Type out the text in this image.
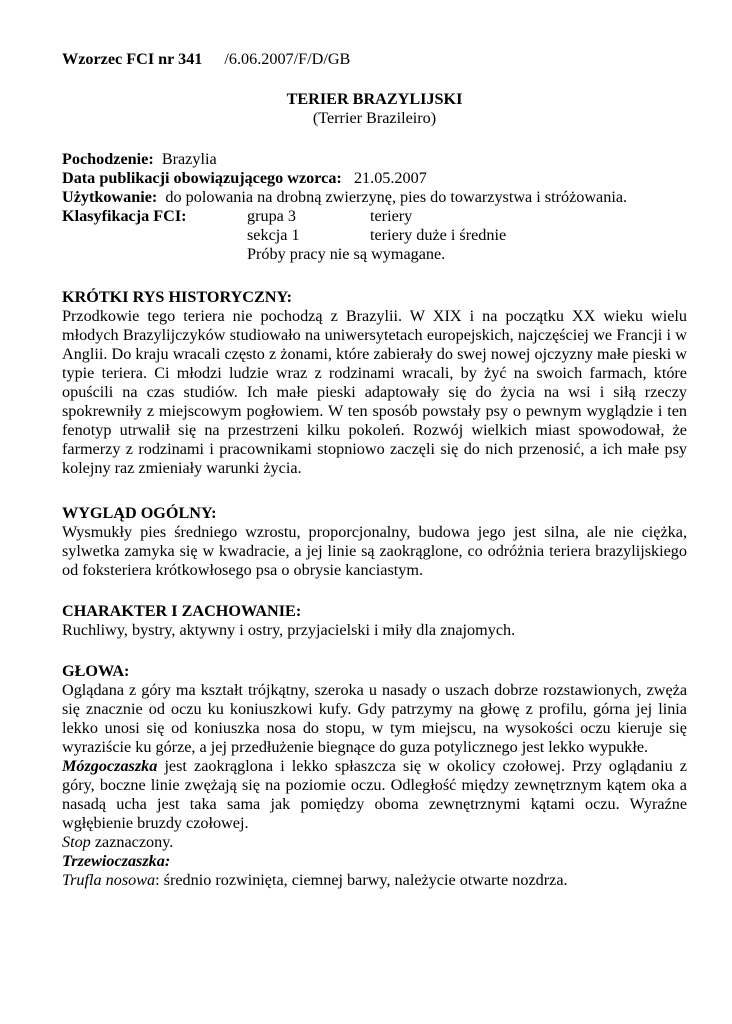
Wzorzec FCI nr 341 /6.06.2007/F/D/GB
TERIER BRAZYLIJSKI
(Terrier Brazileiro)
Pochodzenie: Brazylia
Data publikacji obowiązującego wzorca: 21.05.2007
Użytkowanie: do polowania na drobną zwierzynę, pies do towarzystwa i stróżowania.
Klasyfikacja FCI:	grupa 3	teriery
sekcja 1	teriery duże i średnie
Próby pracy nie są wymagane.
KRÓTKI RYS HISTORYCZNY:

Przodkowie tego teriera nie pochodzą z Brazylii. W XIX i na początku XX wieku wielu młodych Brazylijczyków studiowało na uniwersytetach europejskich, najczęściej we Francji i w Anglii. Do kraju wracali często z żonami, które zabierały do swej nowej ojczyzny małe pieski w typie teriera. Ci młodzi ludzie wraz z rodzinami wracali, by żyć na swoich farmach, które opuścili na czas studiów. Ich małe pieski adaptowały się do życia na wsi i siłą rzeczy spokrewniły z miejscowym pogłowiem. W ten sposób powstały psy o pewnym wyglądzie i ten fenotyp utrwalił się na przestrzeni kilku pokoleń. Rozwój wielkich miast spowodował, że farmerzy z rodzinami i pracownikami stopniowo zaczęli się do nich przenosić, a ich małe psy kolejny raz zmieniały warunki życia.

WYGLĄD OGÓLNY:

Wysmukły pies średniego wzrostu, proporcjonalny, budowa jego jest silna, ale nie ciężka, sylwetka zamyka się w kwadracie, a jej linie są zaokrąglone, co odróżnia teriera brazylijskiego od foksteriera krótkowłosego psa o obrysie kanciastym.

CHARAKTER I ZACHOWANIE:

Ruchliwy, bystry, aktywny i ostry, przyjacielski i miły dla znajomych.

GŁOWA:

Oglądana z góry ma kształt trójkątny, szeroka u nasady o uszach dobrze rozstawionych, zwęża się znacznie od oczu ku koniuszkowi kufy. Gdy patrzymy na głowę z profilu, górna jej linia lekko unosi się od koniuszka nosa do stopu, w tym miejscu, na wysokości oczu kieruje się wyraziście ku górze, a jej przedłużenie biegnące do guza potylicznego jest lekko wypukłe.

Mózgoczaszka jest zaokrąglona i lekko spłaszcza się w okolicy czołowej. Przy oglądaniu z góry, boczne linie zwężają się na poziomie oczu. Odległość między zewnętrznym kątem oka a nasadą ucha jest taka sama jak pomiędzy oboma zewnętrznymi kątami oczu. Wyraźne wgłębienie bruzdy czołowej.

Stop zaznaczony.

Trzewioczaszka:

Trufla nosowa: średnio rozwinięta, ciemnej barwy, należycie otwarte nozdrza.
